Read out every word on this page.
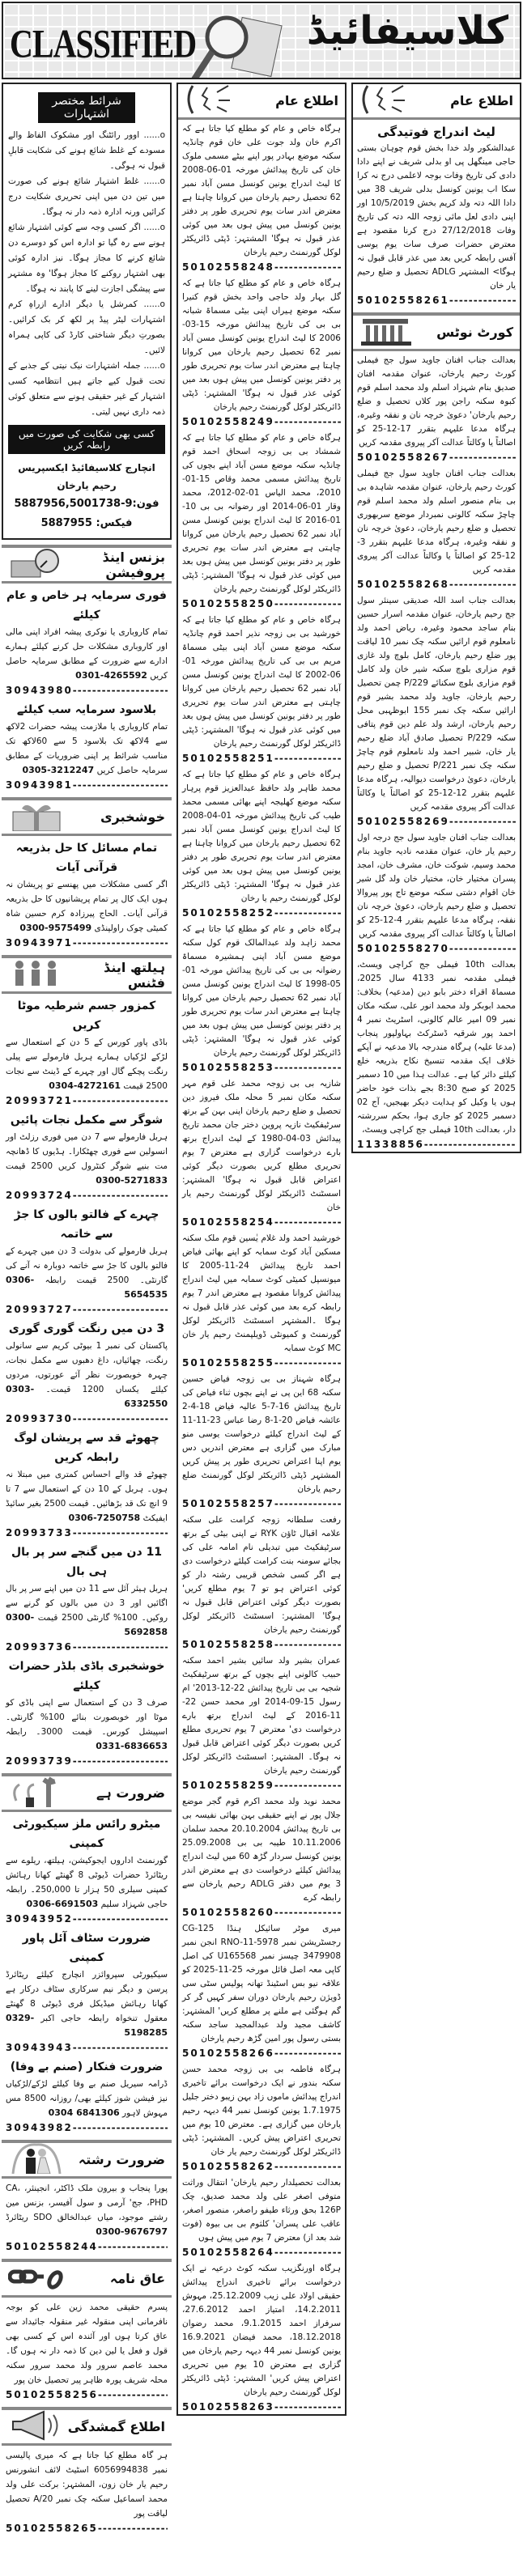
CLASSIFIED	کلاسیفائیڈ
شرائط مختصر اشتہارات

o...... اوور رائٹنگ اور مشکوک الفاظ والے مسودے کے غلط شائع ہونے کی شکایت قابلِ قبول نہ ہوگی۔

o...... غلط اشتہار شائع ہونے کی صورت میں تین دن میں اپنی تحریری شکایت درج کرائیں ورنہ ادارہ ذمہ دار نہ ہوگا۔

o...... اگر کسی وجہ سے کوئی اشتہار شائع ہونے سے رہ گیا تو ادارہ اس کو دوسرے دن شائع کرنے کا مجاز ہوگا۔ نیز ادارہ کوئی بھی اشتہار روکنے کا مجاز ہوگا' وہ مشتہر سے پیشگی اجازت لینے کا پابند نہ ہوگا۔

o...... کمرشل یا دیگر ادارے ازراہِ کرم اشتہارات لیٹر پیڈ پر لکھ کر بک کرائیں۔ بصورتِ دیگر شناختی کارڈ کی کاپی ہمراہ لائیں۔

o...... جملہ اشتہارات نیک نیتی کے جذبے کے تحت قبول کیے جاتے ہیں انتظامیہ کسی اشتہار کے غیر حقیقی ہونے سے متعلق کوئی ذمہ داری نہیں لیتی۔

کسی بھی شکایت کی صورت میں رابطہ کریں
انچارج کلاسیفائیڈ ایکسپریس رحیم یارخان
فون:5887956,5001738-9
فیکس: 5887955
بزنس اینڈ پروفیشن
فوری سرمایہ ہر خاص و عام کیلئے
تمام کاروباری یا نوکری پیشہ افراد اپنی مالی اور کاروباری مشکلات حل کرنے کیلئے ہمارے ادارے سے ضرورت کے مطابق سرمایہ حاصل کریں 0301-4265592
30943980 -----
بلاسود سرمایہ سب کیلئے
تمام کاروباری یا ملازمت پیشہ حضرات 2لاکھ سے 4لاکھ تک بلاسود 5 سے 60لاکھ تک مناسب شرائط پر اپنی ضروریات کے مطابق سرمایہ حاصل کریں 0305-3212247
30943981 -----
خوشخبری
تمام مسائل کا حل بذریعہ قرآنی آیات
اگر کسی مشکلات میں پھنسے تو پریشان نہ ہوں ایک کال پر تمام پریشانیوں کا حل بذریعہ قرآنی آیات۔ الحاج پیرزادہ کرم حسین شاہ کمیٹی چوک راولپنڈی 0300-9575499
30943971 -----
ہیلتھ اینڈ فٹنس
کمزور جسم شرطیہ موٹا کریں
باڈی پاور کورس کے 5 دن کے استعمال سے لڑکے لڑکیاں ہمارے ہربل فارمولے سے پیلی رنگت پچکے گال اور چہرے کے ڈینٹ سے نجات 2500 قیمت 0304-4272161
20993721 -----
شوگر سے مکمل نجات پائیں
ہربل فارمولے سے 7 دن میں فوری رزلٹ اور انسولین سے فوری چھٹکارا۔ ہڈیوں کا ڈھانچہ مت بنیے شوگر کنٹرول کریں 2500 قیمت 0300-5271833
20993724 -----
چہرے کے فالتو بالوں کا جڑ سے خاتمہ
ہربل فارمولے کی بدولت 3 دن میں چہرے کے فالتو بالوں کا جڑ سے خاتمہ دوبارہ نہ آنے کی گارنٹی۔ 2500 قیمت رابطہ 0306-5654535
20993727 -----
3 دن میں رنگت گوری گوری
پاکستان کی نمبر 1 بیوٹی کریم سے سانولی رنگت، چھائیاں، داغ دھبوں سے مکمل نجات، چہرہ خوبصورت نظر آئے عورتوں، مردوں کیلئے یکساں 1200 قیمت۔ 0303-6332550
20993730 -----
چھوٹے قد سے پریشان لوگ رابطہ کریں
چھوٹے قد والے احساس کمتری میں مبتلا نہ ہوں۔ ہربل کے 10 دن کے استعمال سے 7 تا 9 انچ تک قد بڑھائیں۔ قیمت 2500 بغیر سائیڈ ایفیکٹ 0306-7250758
20993733 -----
11 دن میں گنجے سر پر بال ہی بال
ہربل ہیئر آئل سے 11 دن میں اپنے سر پر بال اگائیں اور 3 دن میں بالوں کو گرنے سے روکیں۔ 100% گارنٹی 2500 قیمت 0300-5692858
20993736 -----
خوشخبری باڈی بلڈر حضرات کیلئے
صرف 3 دن کے استعمال سے اپنی باڈی کو موٹا اور خوبصورت بنائے 100% گارنٹی۔ اسپیشل کورس۔ قیمت 3000۔ رابطہ 0331-6836653
20993739 -----
ضرورت ہے
میٹرو رائس ملز سیکیورٹی کمپنی
گورنمنٹ اداروں ایجوکیشن، ہیلتھ، ریلوے سے ریٹائرڈ حضرات ڈیوٹی 8 گھنٹے کھانا رہائش کمپنی سیلری 50 ہزار تا 250,000۔ رابطہ حاجی شہزاد سلیم 0306-6691503
30943952 -----
ضرورت سٹاف آئل پاور کمپنی
سیکیورٹی سپروائزر انچارج کیلئے ریٹائرڈ پرسن و دیگر نیم سرکاری سٹاف درکار ہے کھانا رہائش میڈیکل فری ڈیوٹی 8 گھنٹے معقول تنخواہ رابطہ حاجی اکبر 0329-5198285
30943943 -----
ضرورت فنکار (صنم بے وفا)
ڈرامہ سیریل صنم بے وفا کیلئے لڑکے/لڑکیاں نیز فیشن شوز کیلئے بھی/ روزانہ 8500 مس مہوش لاہور 0304 6841306
30943982 -----
ضرورت رشتہ
پورا پنجاب و بیرون ملک ڈاکٹر، انجینئر، CA، PHD، جج' آرمی و سول آفیسر، بزنس مین رشتے موجود، میاں عبدالخالق SDO ریٹائرڈ 0300-9676797
50102558244 -----
عاق نامہ
پسرم حقیقی محمد زین علی کو بوجہ نافرمانی اپنی منقولہ غیر منقولہ جائیداد سے عاق کرتا ہوں اور آئندہ اس کے کسی بھی قول و فعل یا لین دین کا ذمہ دار نہ ہوں گا۔ محمد عاصم سرور ولد محمد سرور سکنہ محلہ شریف پورہ ظاہر پیر تحصیل خان پور
50102558256 -----
اطلاع گمشدگی
ہر گاہ مطلع کیا جاتا ہے کہ میری پالیسی نمبر 6056994838 اسٹیٹ لائف انشورنس رحیم یار خان زون، المشتہر: برکت علی ولد محمد اسماعیل سکنہ چک نمبر 20/A تحصیل لیاقت پور
50102558265 -----
اطلاع عام
ہرگاہ خاص و عام کو مطلع کیا جاتا ہے کہ اکرم خان ولد جوت علی خان قوم چانڈیہ سکنہ موضع بہادر پور اپنے بیٹے مسمی ملوک خان کی تاریخ پیدائش مورخہ 01-06-2008 کا لیٹ اندراج یونین کونسل مسن آباد نمبر 62 تحصیل رحیم یارخان میں کروانا چاہتا ہے معترض اندر سات یوم تحریری طور پر دفتر یونین کونسل میں پیش ہوں بعد میں کوئی عذر قبول نہ ہوگا' المشتہر: ڈپٹی ڈائریکٹر لوکل گورنمنٹ رحیم یارخان
50102558248 -----
ہرگاہ خاص و عام کو مطلع کیا جاتا ہے کہ گل بہار ولد حاجی واحد بخش قوم کنیرا سکنہ موضع ہیراں اپنی بیٹی مسماۃ شبانہ بی بی کی تاریخ پیدائش مورخہ 15-03-2006 کا لیٹ اندراج یونین کونسل مسن آباد نمبر 62 تحصیل رحیم یارخان میں کروانا چاہتا ہے معترض اندر سات یوم تحریری طور پر دفتر یونین کونسل میں پیش ہوں بعد میں کوئی عذر قبول نہ ہوگا' المشتہر: ڈپٹی ڈائریکٹر لوکل گورنمنٹ رحیم یارخان
50102558249 -----
ہرگاہ خاص و عام کو مطلع کیا جاتا ہے کہ شمشاد بی بی زوجہ اسحاق احمد قوم چانڈیہ سکنہ موضع مسن آباد اپنے بچوں کی تاریخ پیدائش مسمی محمد وقاص 15-01-2010، محمد الیاس 01-02-2012، محمد وقار 01-06-2014 اور رضوانہ بی بی 10-01-2016 کا لیٹ اندراج یونین کونسل مسن آباد نمبر 62 تحصیل رحیم یارخان میں کروانا چاہتی ہے معترض اندر سات یوم تحریری طور پر دفتر یونین کونسل میں پیش ہوں بعد میں کوئی عذر قبول نہ ہوگا' المشتہر: ڈپٹی ڈائریکٹر لوکل گورنمنٹ رحیم یارخان
50102558250 -----
ہرگاہ خاص و عام کو مطلع کیا جاتا ہے کہ خورشید بی بی زوجہ نذیر احمد قوم چانڈیہ سکنہ موضع مسن آباد اپنی بیٹی مسماۃ مریم بی بی کی تاریخ پیدائش مورخہ 01-06-2002 کا لیٹ اندراج یونین کونسل مسن آباد نمبر 62 تحصیل رحیم یارخان میں کروانا چاہتی ہے معترض اندر سات یوم تحریری طور پر دفتر یونین کونسل میں پیش ہوں بعد میں کوئی عذر قبول نہ ہوگا' المشتہر: ڈپٹی ڈائریکٹر لوکل گورنمنٹ رحیم یارخان
50102558251 -----
ہرگاہ خاص و عام کو مطلع کیا جاتا ہے کہ محمد طاہر ولد حافظ عبدالعزیز قوم پرہار سکنہ موضع کھلیجہ اپنے بھائی مسمی محمد طیب کی تاریخ پیدائش مورخہ 01-04-2008 کا لیٹ اندراج یونین کونسل مسن آباد نمبر 62 تحصیل رحیم یارخان میں کروانا چاہتا ہے معترض اندر سات یوم تحریری طور پر دفتر یونین کونسل میں پیش ہوں بعد میں کوئی عذر قبول نہ ہوگا' المشتہر: ڈپٹی ڈائریکٹر لوکل گورنمنٹ رحیم یا رخان
50102558252 -----
ہرگاہ خاص و عام کو مطلع کیا جاتا ہے کہ محمد زاہد ولد عبدالمالک قوم کول سکنہ موضع مسن آباد اپنی ہمشیرہ مسماۃ رضوانہ بی بی کی تاریخ پیدائش مورخہ 01-05-1998 کا لیٹ اندراج یونین کونسل مسن آباد نمبر 62 تحصیل رحیم یارخان میں کروانا چاہتا ہے معترض اندر سات یوم تحریری طور پر دفتر یونین کونسل میں پیش ہوں بعد میں کوئی عذر قبول نہ ہوگا' المشتہر: ڈپٹی ڈائریکٹر لوکل گورنمنٹ رحیم یارخان
50102558253 -----
شازیہ بی بی زوجہ محمد علی قوم مہر سکنہ مکان نمبر 5 محلہ ملک فیروز دین تحصیل و ضلع رحیم یارخان اپنی بہن کے برتھ سرٹیفکیٹ نازیہ پروین دختر جان محمد تاریخ پیدائش 03-04-1980 کے لیٹ اندراج برتھ بارے درخواست گزاری ہے معترض 7 یوم تحریری مطلع کریں بصورت دیگر کوئی اعتراض قابل قبول نہ ہوگا' المشتہر: اسسٹنٹ ڈائریکٹر لوکل گورنمنٹ رحیم یار خان
50102558254 -----
خورشید احمد ولد غلام یٰسین قوم ملک سکنہ مسکین آباد کوٹ سمابہ کو اپنے بھائی فیاض احمد تاریخ پیدائش 24-11-2005 کا میونسپل کمیٹی کوٹ سمابہ میں لیٹ اندراج پیدائش کروانا مقصود ہے معترض اندر 7 یوم رابطہ کرے بعد میں کوئی عذر قابل قبول نہ ہوگا ۔المشتہر اسسٹنٹ ڈائریکٹر لوکل گورنمنٹ و کمیونٹی ڈویلپمنٹ رحیم یار خان MC کوٹ سمابہ
50102558255 -----
ہرگاہ شہناز بی بی زوجہ فیاض حسین سکنہ 68 این پی نے اپنے بچوں ثناء فیاض کی تاریخ پیدائش 16-7-5 عالیہ فیاض 18-4-2 عائشہ فیاض 20-1-8 رضا عباس 23-11-11 کے لیٹ اندراج کیلئے درخواست یوسی منو مبارک میں گزاری ہے معترض اندریں دس یوم اپنا اعتراض تحریری طور پر پیش کریں المشتہر ڈپٹی ڈائریکٹر لوکل گورنمنٹ ضلع رحیم یارخان
50102558257 -----
رفعت سلطانہ زوجہ کرامت علی سکنہ علامہ اقبال ٹاؤن RYK نے اپنی بیٹی کے برتھ سرٹیفکیٹ میں تبدیلی نام امامہ علی کی بجائے سومنہ بنت کرامت کیلئے درخواست دی ہے اگر کسی شخص قریبی رشتہ دار کو کوئی اعتراض ہو تو 7 یوم مطلع کریں' بصورت دیگر کوئی اعتراض قابل قبول نہ ہوگا' المشتہر: اسسٹنٹ ڈائریکٹر لوکل گورنمنٹ رحیم یارخان
50102558258 -----
عمران بشیر ولد سائیں بشیر احمد سکنہ حبیب کالونی اپنے بچوں کے برتھ سرٹیفکیٹ شجیہ بی بی تاریخ پیدائش 22-12-2013' ام رسول 15-09-2014 اور محمد حسن 22-11-2016 کے لیٹ اندراج برتھ بارے درخواست دی' معترض 7 یوم تحریری مطلع کریں بصورت دیگر کوئی اعتراض قابل قبول نہ ہوگا۔ المشتہر: اسسٹنٹ ڈائریکٹر لوکل گورنمنٹ رحیم یارخان
50102558259 -----
محمد نوید ولد محمد اکرم قوم گجر موضع جلال پور نے اپنے حقیقی بہن بھائی نفیسہ بی بی تاریخ پیدائش 20.10.2004 محمد سلمان 10.11.2006 طیبہ بی بی 25.09.2008 یونین کونسل سردار گڑھ 60 میں لیٹ اندراج پیدائش کیلئے درخواست دی ہے معترض اندر 3 یوم میں دفتر ADLG رحیم یارخان سے رابطہ کرے
50102558260 -----
میری موٹر سائیکل ہنڈا CG-125 رجسٹریشن نمبر RNO-11-5978 انجن نمبر 3479908 چیسز نمبر U165568 کی اصل کاپی معہ اصل فائل مورخہ 25-11-2025 کو علاقہ نیو بس اسٹینڈ تھانہ پولیس سٹی سی ڈویژن رحیم یارخان دوران سفر کہیں گر کر گم ہوگئی ہے ملنے پر مطلع کریں' المشتہر: کاشف مجید ولد عبدالمجید ساجد سکنہ بستی رسول پور امین گڑھ رحیم یارخان
50102558266 -----
ہرگاہ فاطمہ بی بی زوجہ محمد حسن سکنہ بندور نے ایک درخواست برائے تاخیری اندراج پیدائش ماموں زاد بہن زیبو دختر جلیل 1.7.1975 یونین کونسل نمبر 44 دیہہ رحیم یارخان میں گزاری ہے۔ معترض 10 یوم میں تحریری اعتراض پیش کریں۔ المشتہر: ڈپٹی ڈائریکٹر لوکل گورنمنٹ رحیم یار خان
50102558262 -----
بعدالت تحصیلدار رحیم یارخان' انتقال وراثت متوفی اصغر علی ولد محمد صدیق، چک 126P بحق ورثاء طیفو راصغر، منصور اصغر، عاقب علی پسران' کلثوم بی بی بیوہ (فوت شد بعد از) معترض 7 یوم میں پیش ہوں
50102558264 -----
ہرگاہ اورنگزیب سکنہ کوٹ درعیہ نے ایک درخواست برائے تاخیری اندراج پیدائش حقیقی اولاد علی زیب 25.12.2009، مہوش 14.2.2011، امتیاز احمد 27.6.2012، سرفراز احمد 9.1.2015، محمد رضوان 18.12.2018، محمد فیضان 16.9.2021 یونین کونسل نمبر 44 دیہہ رحیم یارخان میں گزاری ہے معترض 10 یوم میں تحریری اعتراض پیش کریں' المشتہر: ڈپٹی ڈائریکٹر لوکل گورنمنٹ رحیم یارخان
50102558263 -----
اطلاع عام
لیٹ اندراج فوتیدگی
عبدالشکور ولد خدا بخش قوم چوہان بستی حاجی مینگھل پی او بدلی شریف نے اپنے دادا دادی کی تاریخ وفات بوجہ لاعلمی درج نہ کرا سکا اب یونین کونسل بدلی شریف 38 میں دادا اللہ دتہ ولد کریم بخش 10/5/2019 اور اپنی دادی لعل مائی زوجہ اللہ دتہ کی تاریخ وفات 27/12/2018 درج کرنا مقصود ہے معترض حضرات صرف سات یوم یوسی آفس رابطہ کریں بعد میں عذر قابل قبول نہ ہوگا> المشتہر ADLG تحصیل و ضلع رحیم یار خان
50102558261 -----
کورٹ نوٹس
بعدالت جناب افنان جاوید سول جج فیملی کورٹ رحیم یارخان، عنوان مقدمہ افنان صدیق بنام شہزاد اسلم ولد محمد اسلم قوم کبوہ سکنہ راجن پور کلاں تحصیل و ضلع رحیم یارخان' دعویٰ خرچہ نان و نفقہ وغیرہ، ہرگاہ مدعا علیہم بتقرر 17-12-25 کو اصالتاً یا وکالتاً عدالت آکر پیروی مقدمہ کریں
50102558267 -----
بعدالت جناب افنان جاوید سول جج فیملی کورٹ رحیم یارخان، عنوان مقدمہ شاہدہ بی بی بنام منصور اسلم ولد محمد اسلم قوم چاچڑ سکنہ کالونی نمبردار موضع سربھوری تحصیل و ضلع رحیم یارخان، دعویٰ خرچہ نان و نفقہ وغیرہ، ہرگاہ مدعا علیہم بتقرر 3-12-25 کو اصالتاً یا وکالتاً عدالت آکر پیروی مقدمہ کریں
50102558268 -----
بعدالت جناب اسد اللہ صدیقی سینئر سول جج رحیم یارخان، عنوان مقدمہ اسرار حسین بنام ساجد محمود وغیرہ، ریاض احمد ولد نامعلوم قوم ارائیں سکنہ چک نمبر 10 لیاقت پور ضلع رحیم یارخان، کامل بلوچ ولد غازی قوم مزاری بلوچ سکنہ شیر خان ولد کامل قوم مزاری بلوچ سکنائے 229/P چمن تحصیل رحیم یارخان، جاوید ولد محمد بشیر قوم ارائیں سکنہ چک نمبر 155 ابوظہبی محل رحیم یارخان، ارشد ولد علم دین قوم پتافی سکنہ 229/P تحصیل صادق آباد ضلع رحیم یار خان، شبیر احمد ولد نامعلوم قوم چاچڑ سکنہ چک نمبر 221/P تحصیل و ضلع رحیم یارخان، دعویٰ درخواست دیوالیہ، ہرگاہ مدعا علیہم بتقرر 12-12-25 کو اصالتاً یا وکالتاً عدالت آکر پیروی مقدمہ کریں
50102558269 -----
بعدالت جناب افنان جاوید سول جج درجہ اول رحیم یار خان، عنوان مقدمہ نادیہ جاوید بنام محمد وسیم، شوکت خان، مشرف خان، امجد پسران مختیار خان، مختیار خان ولد گل شیر خان اقوام دشتی سکنہ موضع تاج پور پیروالا تحصیل و ضلع رحیم یارخان، دعویٰ خرچہ نان نفقہ، ہرگاہ مدعا علیہم بتقرر 4-12-25 کو اصالتاً یا وکالتاً عدالت آکر پیروی مقدمہ کریں
50102558270 -----
بعدالت 10th فیملی جج کراچی ویسٹ، فیملی مقدمہ نمبر 4133 سال 2025، مسماۃ اقراء دختر بابو دین (مدعیہ) بخلاف: محمد ابوبکر ولد محمد انور علی، سکنہ مکان نمبر 09 امیر عالم کالونی، اسٹریٹ نمبر 4 احمد پور شرقیہ ڈسٹرکٹ بہاولپور پنجاب (مدعا علیہ) ہرگاہ مندرجہ بالا مدعیہ نے آپکے خلاف ایک مقدمہ تنسیخ نکاح بذریعہ خلع کیلئے دائر کیا ہے۔ عدالت ہذا میں 10 دسمبر 2025 کو صبح 8:30 بجے بذات خود حاضر ہوں یا وکیل کو ہدایت دیکر بھیجیں، آج 02 دسمبر 2025 کو جاری ہوا، بحکم سررشتہ دار، بعدالت 10th فیملی جج کراچی ویسٹ،
11338856 -----
